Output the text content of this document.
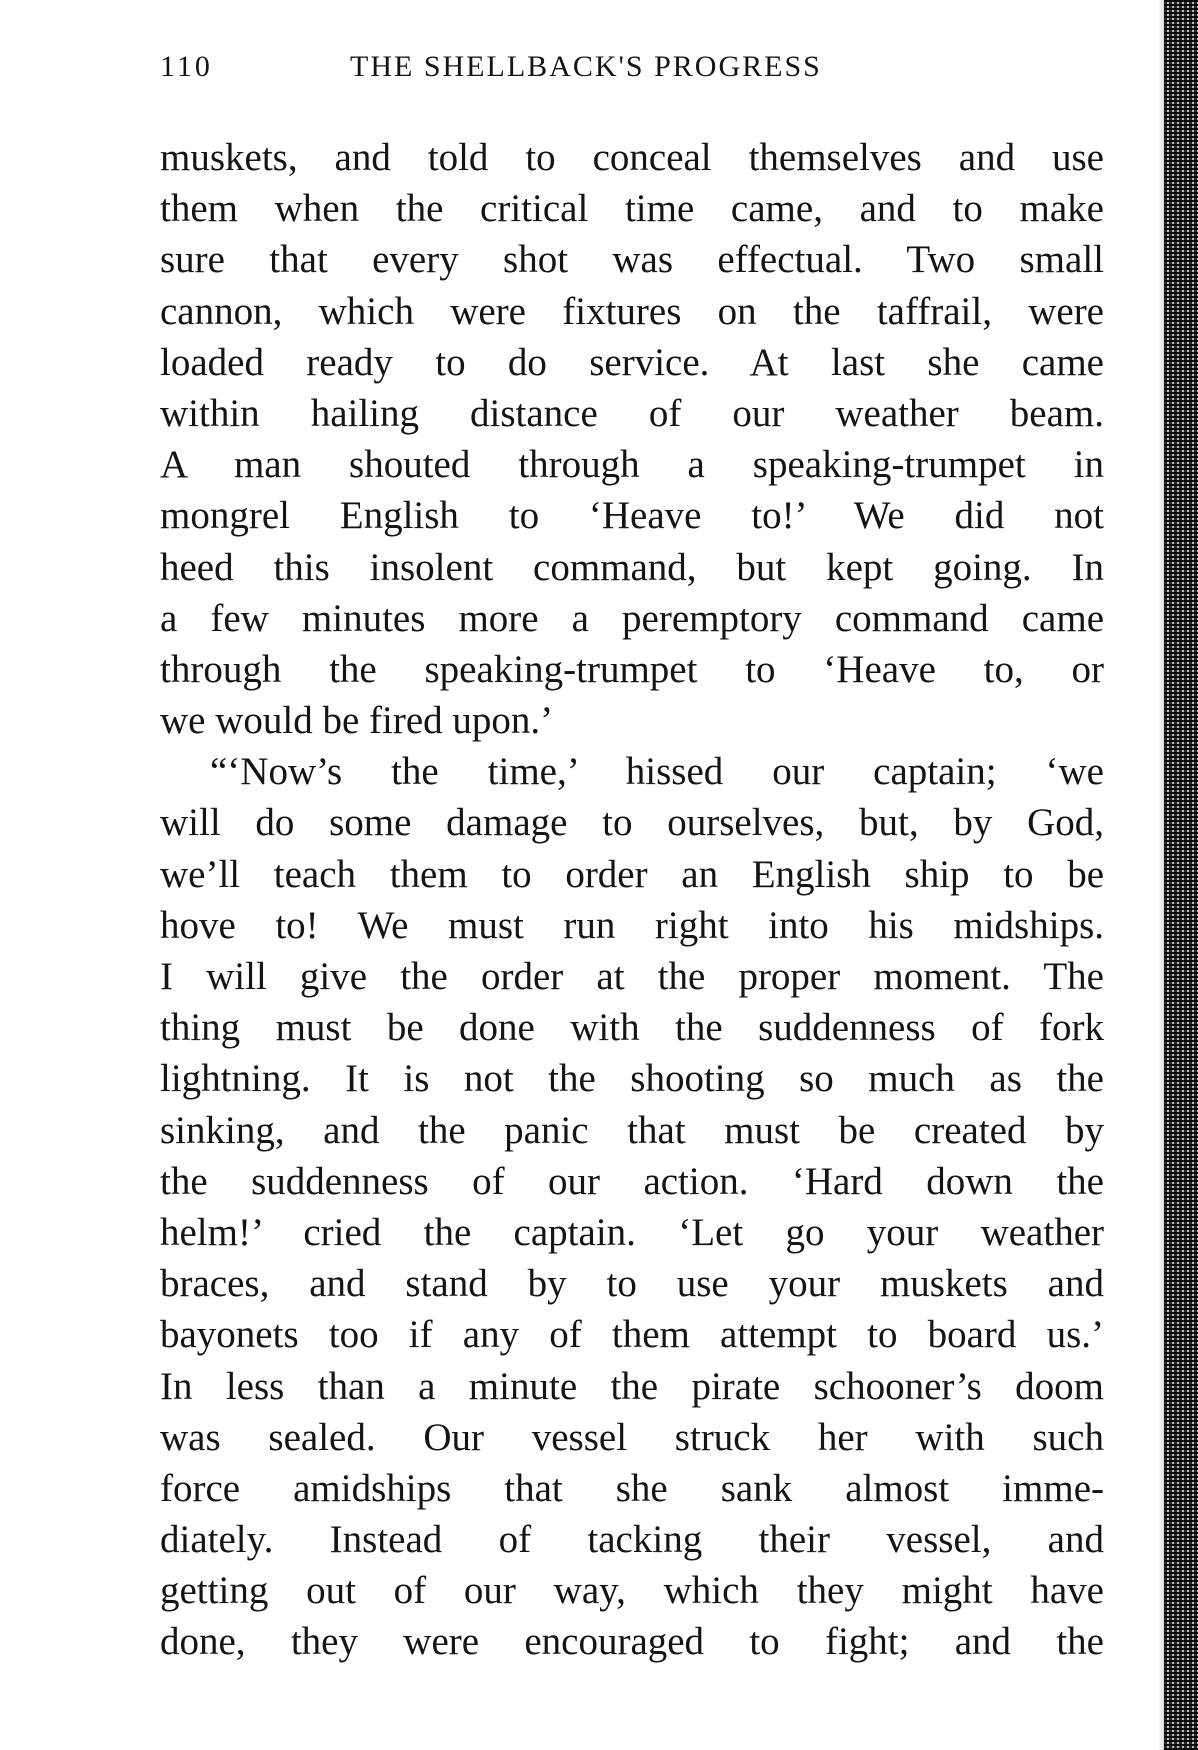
110	THE SHELLBACK'S PROGRESS
muskets, and told to conceal themselves and use
them when the critical time came, and to make
sure that every shot was effectual. Two small
cannon, which were fixtures on the taffrail, were
loaded ready to do service. At last she came
within hailing distance of our weather beam.
A man shouted through a speaking-trumpet in
mongrel English to ‘Heave to!’ We did not
heed this insolent command, but kept going. In
a few minutes more a peremptory command came
through the speaking-trumpet to ‘Heave to, or
we would be fired upon.’
“‘Now’s the time,’ hissed our captain; ‘we
will do some damage to ourselves, but, by God,
we’ll teach them to order an English ship to be
hove to! We must run right into his midships.
I will give the order at the proper moment. The
thing must be done with the suddenness of fork
lightning. It is not the shooting so much as the
sinking, and the panic that must be created by
the suddenness of our action. ‘Hard down the
helm!’ cried the captain. ‘Let go your weather
braces, and stand by to use your muskets and
bayonets too if any of them attempt to board us.’
In less than a minute the pirate schooner’s doom
was sealed. Our vessel struck her with such
force amidships that she sank almost imme-
diately. Instead of tacking their vessel, and
getting out of our way, which they might have
done, they were encouraged to fight; and the
